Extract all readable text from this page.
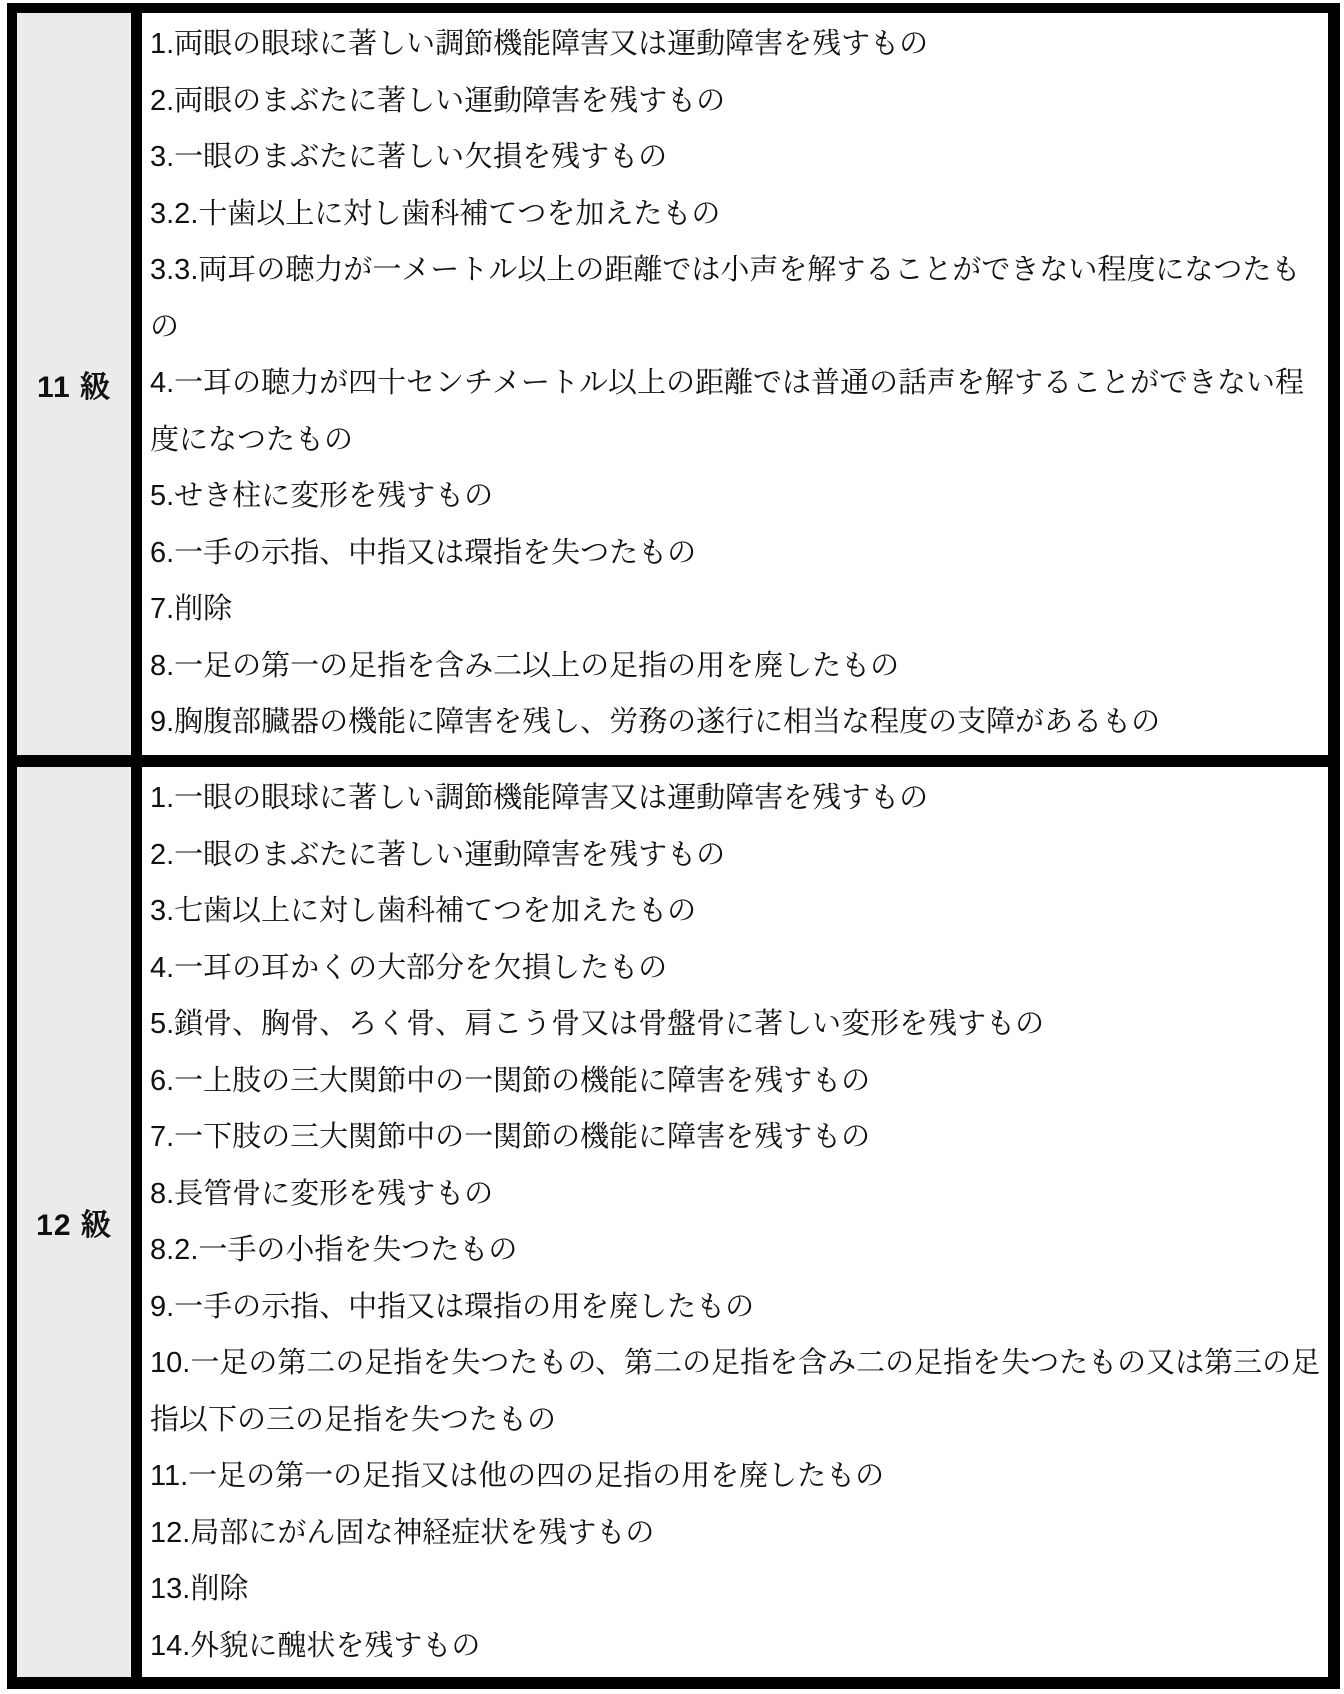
11 級

1.両眼の眼球に著しい調節機能障害又は運動障害を残すもの

2.両眼のまぶたに著しい運動障害を残すもの

3.一眼のまぶたに著しい欠損を残すもの

3.2.十歯以上に対し歯科補てつを加えたもの

3.3.両耳の聴力が一メートル以上の距離では小声を解することができない程度になつたもの

4.一耳の聴力が四十センチメートル以上の距離では普通の話声を解することができない程度になつたもの

5.せき柱に変形を残すもの

6.一手の示指、中指又は環指を失つたもの

7.削除

8.一足の第一の足指を含み二以上の足指の用を廃したもの

9.胸腹部臓器の機能に障害を残し、労務の遂行に相当な程度の支障があるもの

12 級

1.一眼の眼球に著しい調節機能障害又は運動障害を残すもの

2.一眼のまぶたに著しい運動障害を残すもの

3.七歯以上に対し歯科補てつを加えたもの

4.一耳の耳かくの大部分を欠損したもの

5.鎖骨、胸骨、ろく骨、肩こう骨又は骨盤骨に著しい変形を残すもの

6.一上肢の三大関節中の一関節の機能に障害を残すもの

7.一下肢の三大関節中の一関節の機能に障害を残すもの

8.長管骨に変形を残すもの

8.2.一手の小指を失つたもの

9.一手の示指、中指又は環指の用を廃したもの

10.一足の第二の足指を失つたもの、第二の足指を含み二の足指を失つたもの又は第三の足指以下の三の足指を失つたもの

11.一足の第一の足指又は他の四の足指の用を廃したもの

12.局部にがん固な神経症状を残すもの

13.削除

14.外貌に醜状を残すもの
